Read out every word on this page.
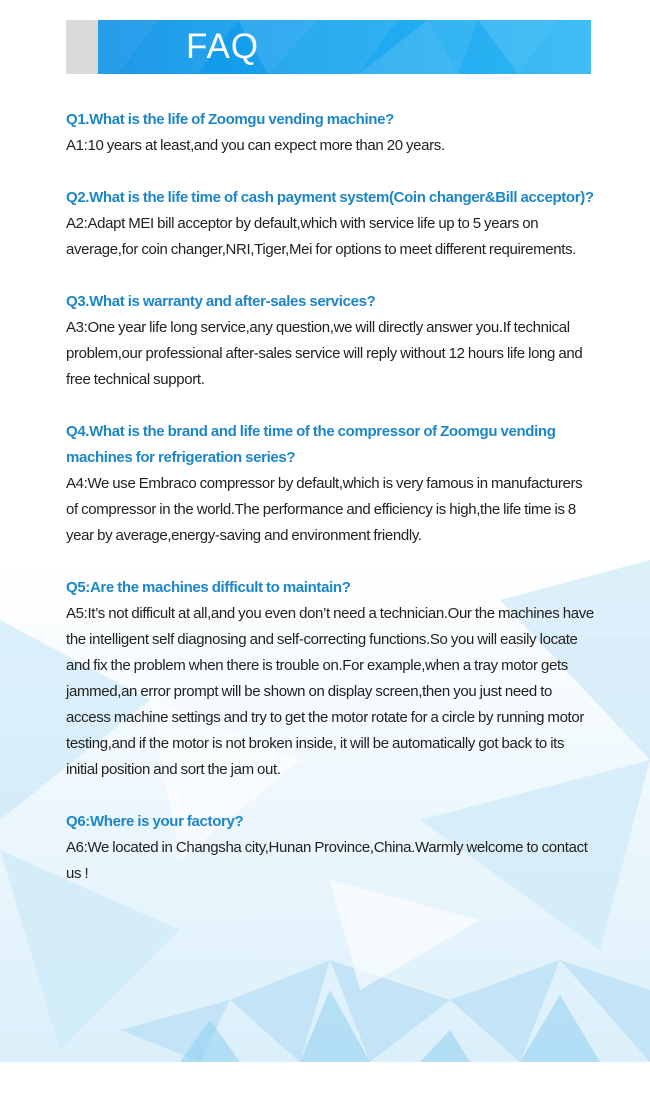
FAQ

Q1.What is the life of Zoomgu vending machine?

A1:10 years at least,and you can expect more than 20 years.

Q2.What is the life time of cash payment system(Coin changer&Bill acceptor)?

A2:Adapt MEI bill acceptor by default,which with service life up to 5 years on average,for coin changer,NRI,Tiger,Mei for options to meet different requirements.

Q3.What is warranty and after-sales services?

A3:One year life long service,any question,we will directly answer you.If technical problem,our professional after-sales service will reply without 12 hours life long and free technical support.

Q4.What is the brand and life time of the compressor of Zoomgu vending machines for refrigeration series?

A4:We use Embraco compressor by default,which is very famous in manufacturers of compressor in the world.The performance and efficiency is high,the life time is 8 year by average,energy-saving and environment friendly.

Q5:Are the machines difficult to maintain?

A5:It’s not difficult at all,and you even don’t need a technician.Our the machines have the intelligent self diagnosing and self-correcting functions.So you will easily locate and fix the problem when there is trouble on.For example,when a tray motor gets jammed,an error prompt will be shown on display screen,then you just need to access machine settings and try to get the motor rotate for a circle by running motor testing,and if the motor is not broken inside, it will be automatically got back to its initial position and sort the jam out.

Q6:Where is your factory?

A6:We located in Changsha city,Hunan Province,China.Warmly welcome to contact us !
